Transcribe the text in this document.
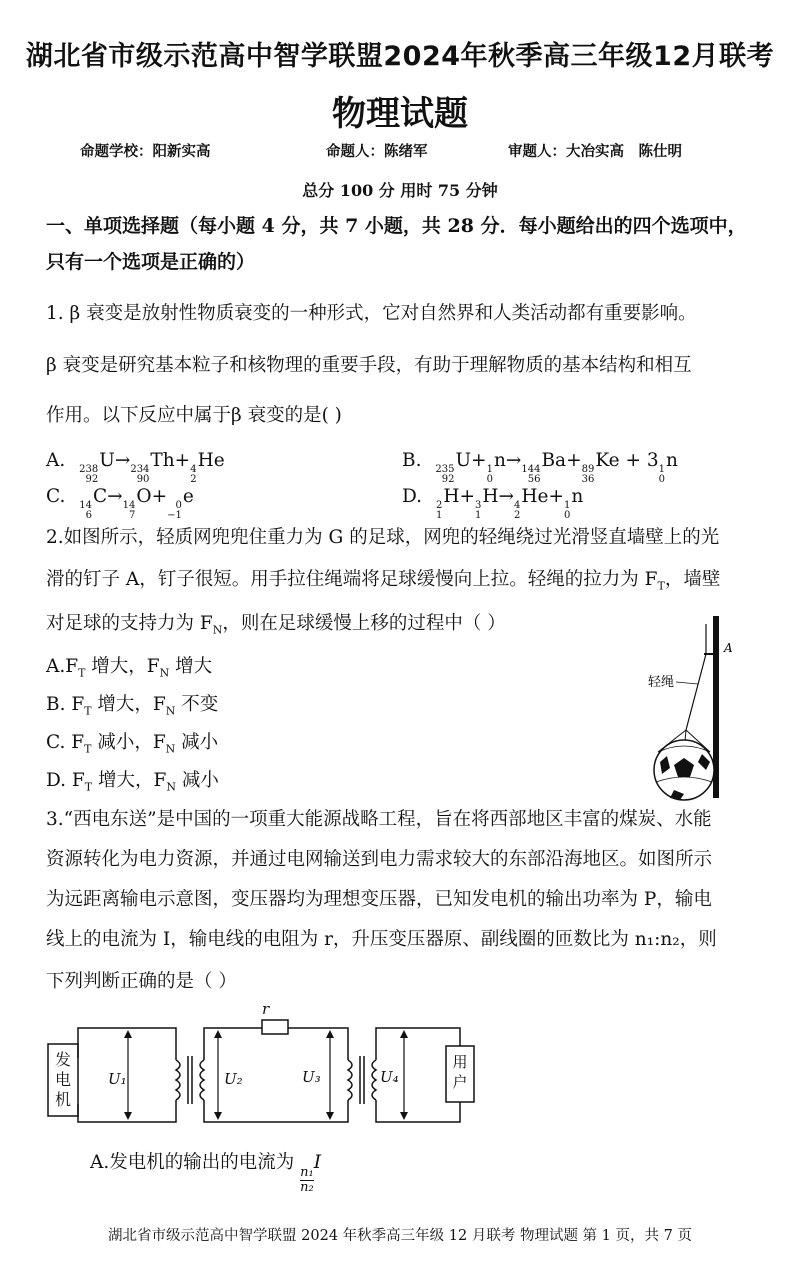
湖北省市级示范高中智学联盟2024年秋季高三年级12月联考
物理试题
命题学校：阳新实高	命题人：陈绪军	审题人：大冶实高　陈仕明
总分 100 分 用时 75 分钟
一、单项选择题（每小题 4 分，共 7 小题，共 28 分．每小题给出的四个选项中，
只有一个选项是正确的）
1. β 衰变是放射性物质衰变的一种形式，它对自然界和人类活动都有重要影响。
β 衰变是研究基本粒子和核物理的重要手段，有助于理解物质的基本结构和相互
作用。以下反应中属于β 衰变的是( )
A. 238
92
U→ 234
90
Th+ 4
2
He	B. 235
92
U+ 1
0
n→ 144
56
Ba+ 89
36
Ke + 3 1
0
n
C. 14
6
C→ 14
7
O+ 0
−1
e	D. 2
1
H+ 3
1
H→ 4
2
He+ 1
0
n
2.如图所示，轻质网兜兜住重力为 G 的足球，网兜的轻绳绕过光滑竖直墙壁上的光
滑的钉子 A，钉子很短。用手拉住绳端将足球缓慢向上拉。轻绳的拉力为 $F_T$，墙壁
对足球的支持力为 $F_N$，则在足球缓慢上移的过程中（ ）
$A.F_T$ 增大，$F_N$ 增大
B. $F_T$ 增大，$F_N$ 不变
C. $F_T$ 减小，$F_N$ 减小
D. $F_T$ 增大，$F_N$ 减小
A
轻绳
3.“西电东送”是中国的一项重大能源战略工程，旨在将西部地区丰富的煤炭、水能
资源转化为电力资源，并通过电网输送到电力需求较大的东部沿海地区。如图所示
为远距离输电示意图，变压器均为理想变压器，已知发电机的输出功率为 P，输电
线上的电流为 I，输电线的电阻为 r，升压变压器原、副线圈的匝数比为 n₁:n₂，则
下列判断正确的是（ ）
r
U₁	U₂	U₃	U₄
发电机
用户
A.发电机的输出的电流为
$\frac{\text{n₁}}{\text{n₂}}$
I
湖北省市级示范高中智学联盟 2024 年秋季高三年级 12 月联考 物理试题 第 1 页，共 7 页
